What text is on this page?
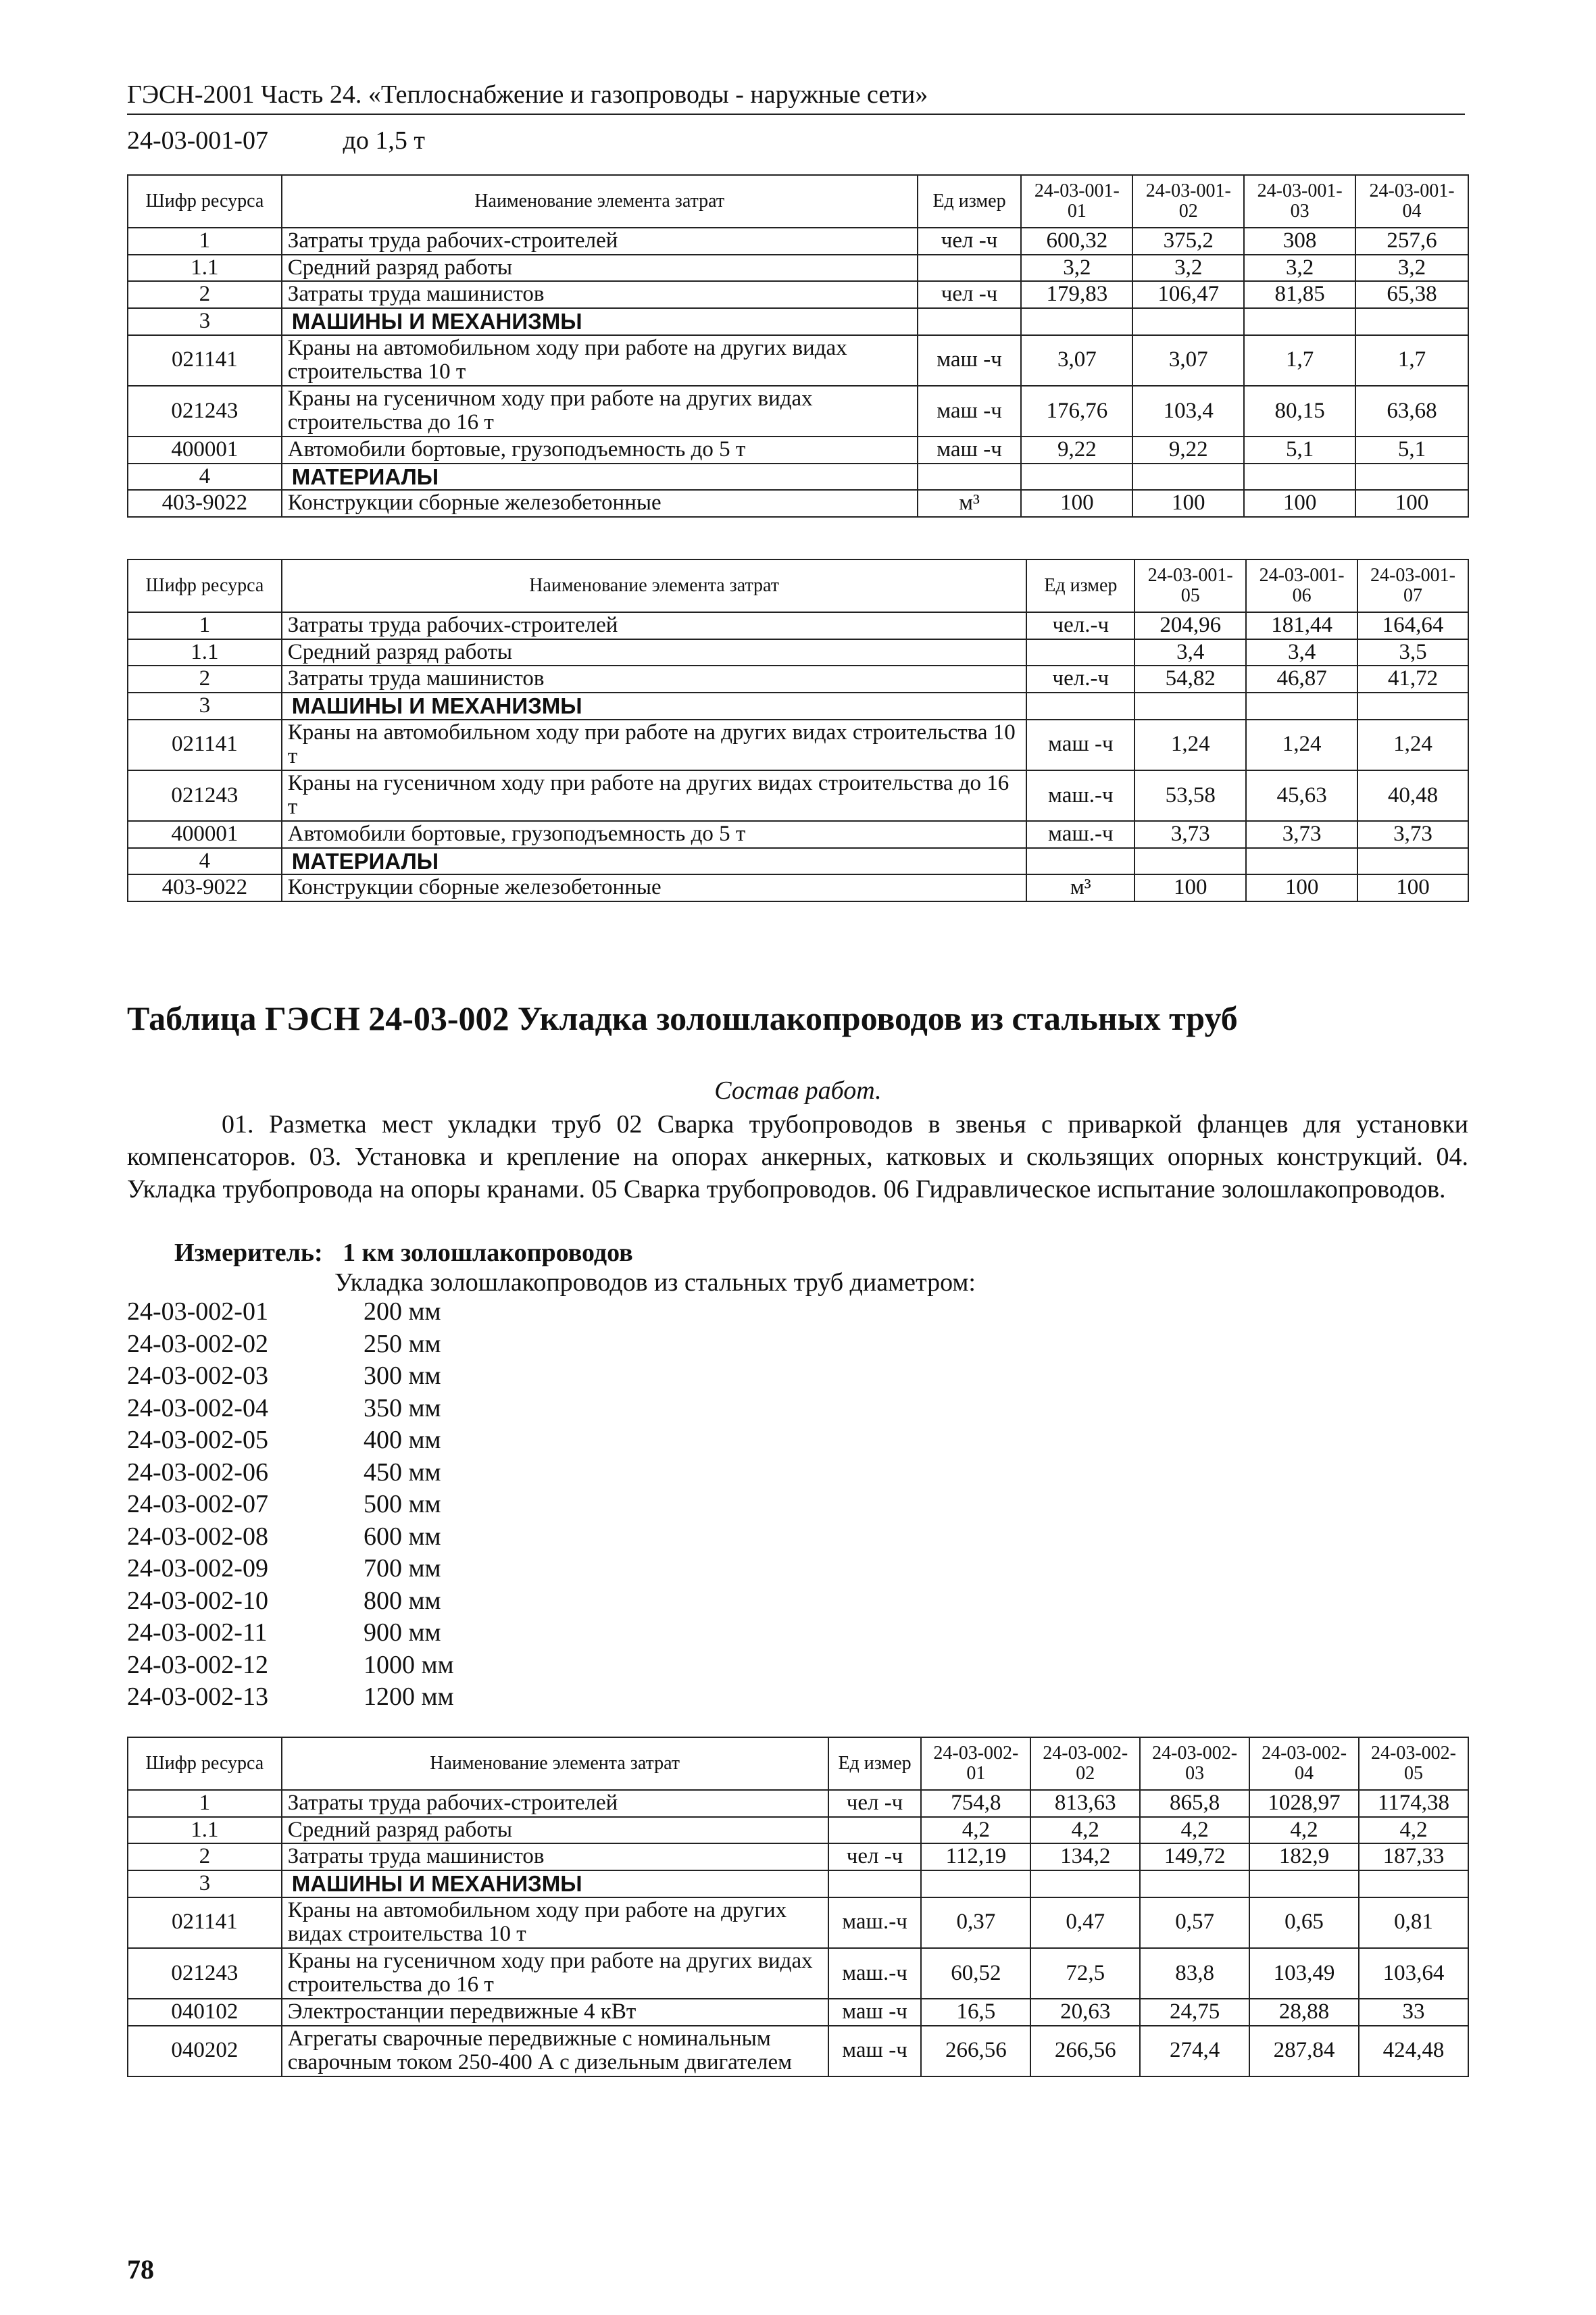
ГЭСН-2001 Часть 24. «Теплоснабжение и газопроводы - наружные сети»
24-03-001-07	до 1,5 т
Шифр ресурса	Наименование элемента затрат	Ед измер	24-03-001-01	24-03-001-02	24-03-001-03	24-03-001-04
1	Затраты труда рабочих-строителей	чел -ч	600,32	375,2	308	257,6
1.1	Средний разряд работы		3,2	3,2	3,2	3,2
2	Затраты труда машинистов	чел -ч	179,83	106,47	81,85	65,38
3	МАШИНЫ И МЕХАНИЗМЫ					
021141	Краны на автомобильном ходу при работе на других видах строительства 10 т	маш -ч	3,07	3,07	1,7	1,7
021243	Краны на гусеничном ходу при работе на других видах строительства до 16 т	маш -ч	176,76	103,4	80,15	63,68
400001	Автомобили бортовые, грузоподъемность до 5 т	маш -ч	9,22	9,22	5,1	5,1
4	МАТЕРИАЛЫ					
403-9022	Конструкции сборные железобетонные	м³	100	100	100	100
Шифр ресурса	Наименование элемента затрат	Ед измер	24-03-001-05	24-03-001-06	24-03-001-07
1	Затраты труда рабочих-строителей	чел.-ч	204,96	181,44	164,64
1.1	Средний разряд работы		3,4	3,4	3,5
2	Затраты труда машинистов	чел.-ч	54,82	46,87	41,72
3	МАШИНЫ И МЕХАНИЗМЫ				
021141	Краны на автомобильном ходу при работе на других видах строительства 10 т	маш -ч	1,24	1,24	1,24
021243	Краны на гусеничном ходу при работе на других видах строительства до 16 т	маш.-ч	53,58	45,63	40,48
400001	Автомобили бортовые, грузоподъемность до 5 т	маш.-ч	3,73	3,73	3,73
4	МАТЕРИАЛЫ				
403-9022	Конструкции сборные железобетонные	м³	100	100	100
Таблица ГЭСН 24-03-002 Укладка золошлакопроводов из стальных труб
Состав работ.
01. Разметка мест укладки труб 02 Сварка трубопроводов в звенья с приваркой фланцев для установки компенсаторов. 03. Установка и крепление на опорах анкерных, катковых и скользящих опорных конструкций. 04. Укладка трубопровода на опоры кранами. 05 Сварка трубопроводов. 06 Гидравлическое испытание золошлакопроводов.
Измеритель: 1 км золошлакопроводов
Укладка золошлакопроводов из стальных труб диаметром:
24-03-002-01	200 мм
24-03-002-02	250 мм
24-03-002-03	300 мм
24-03-002-04	350 мм
24-03-002-05	400 мм
24-03-002-06	450 мм
24-03-002-07	500 мм
24-03-002-08	600 мм
24-03-002-09	700 мм
24-03-002-10	800 мм
24-03-002-11	900 мм
24-03-002-12	1000 мм
24-03-002-13	1200 мм
Шифр ресурса	Наименование элемента затрат	Ед измер	24-03-002-01	24-03-002-02	24-03-002-03	24-03-002-04	24-03-002-05
1	Затраты труда рабочих-строителей	чел -ч	754,8	813,63	865,8	1028,97	1174,38
1.1	Средний разряд работы		4,2	4,2	4,2	4,2	4,2
2	Затраты труда машинистов	чел -ч	112,19	134,2	149,72	182,9	187,33
3	МАШИНЫ И МЕХАНИЗМЫ						
021141	Краны на автомобильном ходу при работе на других видах строительства 10 т	маш.-ч	0,37	0,47	0,57	0,65	0,81
021243	Краны на гусеничном ходу при работе на других видах строительства до 16 т	маш.-ч	60,52	72,5	83,8	103,49	103,64
040102	Электростанции передвижные 4 кВт	маш -ч	16,5	20,63	24,75	28,88	33
040202	Агрегаты сварочные передвижные с номинальным сварочным током 250-400 А с дизельным двигателем	маш -ч	266,56	266,56	274,4	287,84	424,48
78
